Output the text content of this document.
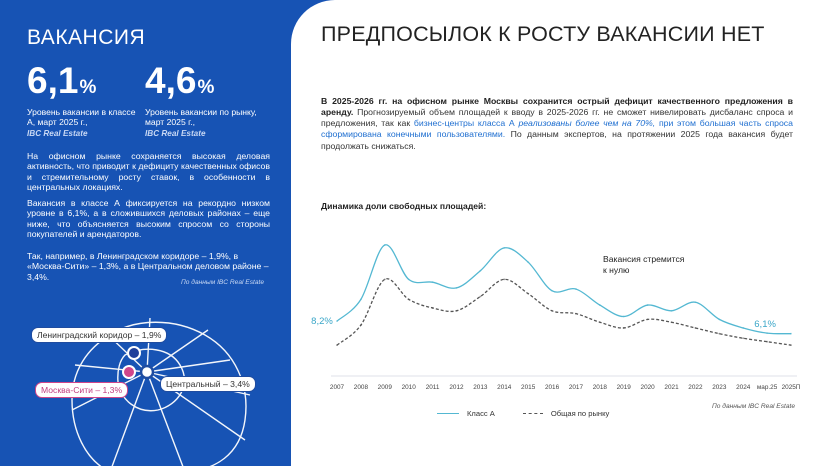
ВАКАНСИЯ
6,1%
Уровень вакансии в классе А, март 2025 г.,
IBC Real Estate
4,6%
Уровень вакансии по рынку, март 2025 г.,
IBC Real Estate
На офисном рынке сохраняется высокая деловая активность, что приводит к дефициту качественных офисов и стремительному росту ставок, в особенности в центральных локациях.
Вакансия в классе А фиксируется на рекордно низком уровне в 6,1%, а в сложившихся деловых районах – еще ниже, что объясняется высоким спросом со стороны покупателей и арендаторов.
Так, например, в Ленинградском коридоре – 1,9%, в «Москва-Сити» – 1,3%, а в Центральном деловом районе – 3,4%.
По данным IBC Real Estate
Ленинградский коридор – 1,9%
Москва-Сити – 1,3%
Центральный – 3,4%
ПРЕДПОСЫЛОК К РОСТУ ВАКАНСИИ НЕТ
В 2025-2026 гг. на офисном рынке Москвы сохранится острый дефицит качественного предложения в аренду. Прогнозируемый объем площадей к вводу в 2025-2026 гг. не сможет нивелировать дисбаланс спроса и предложения, так как бизнес-центры класса А реализованы более чем на 70%, при этом большая часть спроса сформирована конечными пользователями. По данным экспертов, на протяжении 2025 года вакансия будет продолжать снижаться.
Динамика доли свободных площадей:
2007 2008 2009 2010 2011 2012 2013 2014 2015 2016 2017 2018 2019 2020 2021 2022 2023 2024 мар.25 2025П
8,2%	6,1%
Вакансия стремится к нулю
Класс А	Общая по рынку
По данным IBC Real Estate
